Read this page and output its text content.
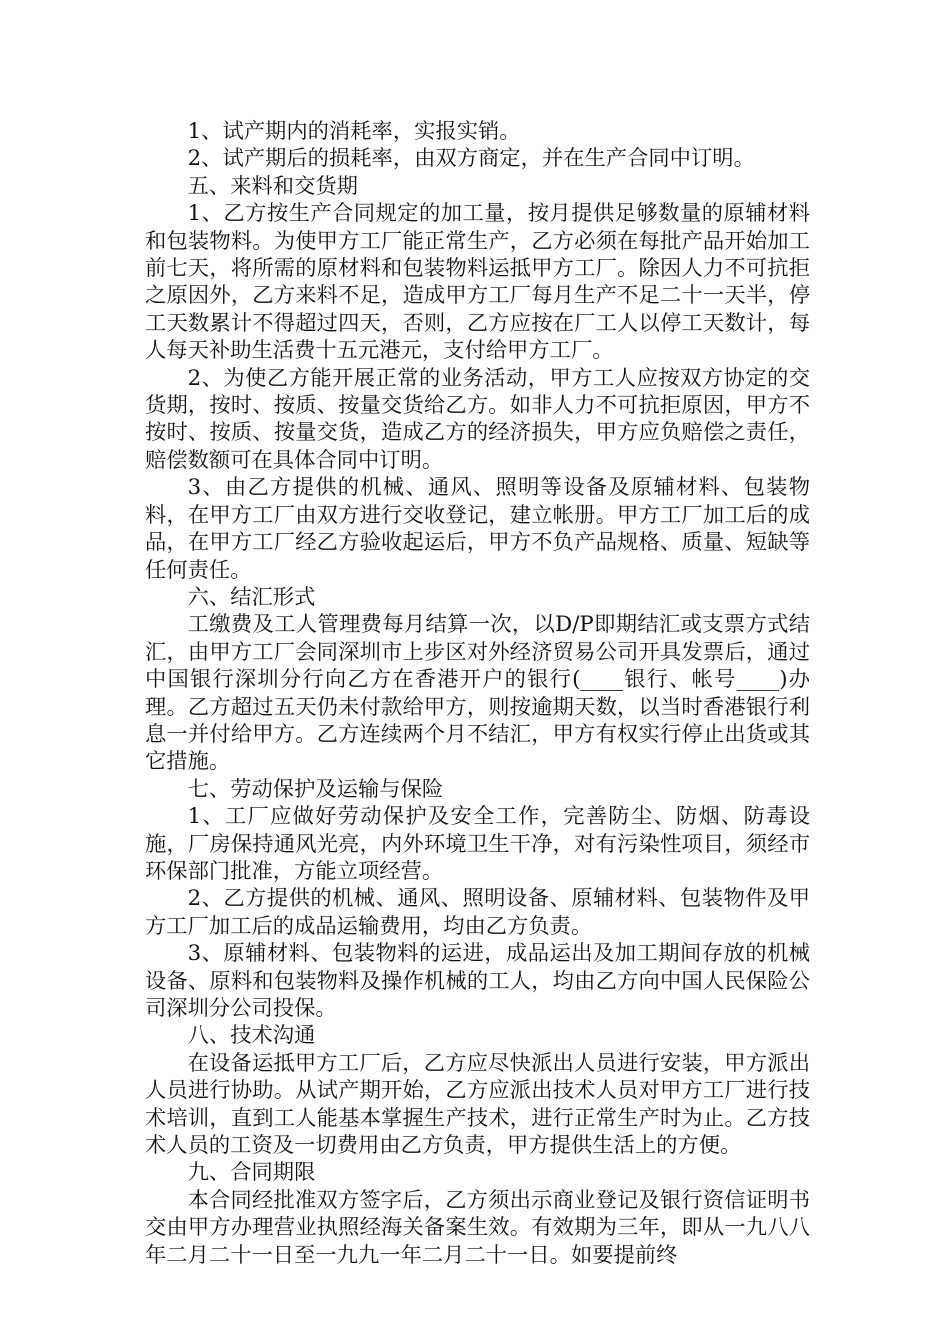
1、试产期内的消耗率，实报实销。

2、试产期后的损耗率，由双方商定，并在生产合同中订明。

五、来料和交货期

1、乙方按生产合同规定的加工量，按月提供足够数量的原辅材料和包装物料。为使甲方工厂能正常生产，乙方必须在每批产品开始加工前七天，将所需的原材料和包装物料运抵甲方工厂。除因人力不可抗拒之原因外，乙方来料不足，造成甲方工厂每月生产不足二十一天半，停工天数累计不得超过四天，否则，乙方应按在厂工人以停工天数计，每人每天补助生活费十五元港元，支付给甲方工厂。

2、为使乙方能开展正常的业务活动，甲方工人应按双方协定的交货期，按时、按质、按量交货给乙方。如非人力不可抗拒原因，甲方不按时、按质、按量交货，造成乙方的经济损失，甲方应负赔偿之责任，赔偿数额可在具体合同中订明。

3、由乙方提供的机械、通风、照明等设备及原辅材料、包装物料，在甲方工厂由双方进行交收登记，建立帐册。甲方工厂加工后的成品，在甲方工厂经乙方验收起运后，甲方不负产品规格、质量、短缺等任何责任。

六、结汇形式

工缴费及工人管理费每月结算一次，以D/P即期结汇或支票方式结汇，由甲方工厂会同深圳市上步区对外经济贸易公司开具发票后，通过中国银行深圳分行向乙方在香港开户的银行(____银行、帐号____)办理。乙方超过五天仍未付款给甲方，则按逾期天数，以当时香港银行利息一并付给甲方。乙方连续两个月不结汇，甲方有权实行停止出货或其它措施。

七、劳动保护及运输与保险

1、工厂应做好劳动保护及安全工作，完善防尘、防烟、防毒设施，厂房保持通风光亮，内外环境卫生干净，对有污染性项目，须经市环保部门批准，方能立项经营。

2、乙方提供的机械、通风、照明设备、原辅材料、包装物件及甲方工厂加工后的成品运输费用，均由乙方负责。

3、原辅材料、包装物料的运进，成品运出及加工期间存放的机械设备、原料和包装物料及操作机械的工人，均由乙方向中国人民保险公司深圳分公司投保。

八、技术沟通

在设备运抵甲方工厂后，乙方应尽快派出人员进行安装，甲方派出人员进行协助。从试产期开始，乙方应派出技术人员对甲方工厂进行技术培训，直到工人能基本掌握生产技术，进行正常生产时为止。乙方技术人员的工资及一切费用由乙方负责，甲方提供生活上的方便。

九、合同期限

本合同经批准双方签字后，乙方须出示商业登记及银行资信证明书交由甲方办理营业执照经海关备案生效。有效期为三年，即从一九八八年二月二十一日至一九九一年二月二十一日。如要提前终
